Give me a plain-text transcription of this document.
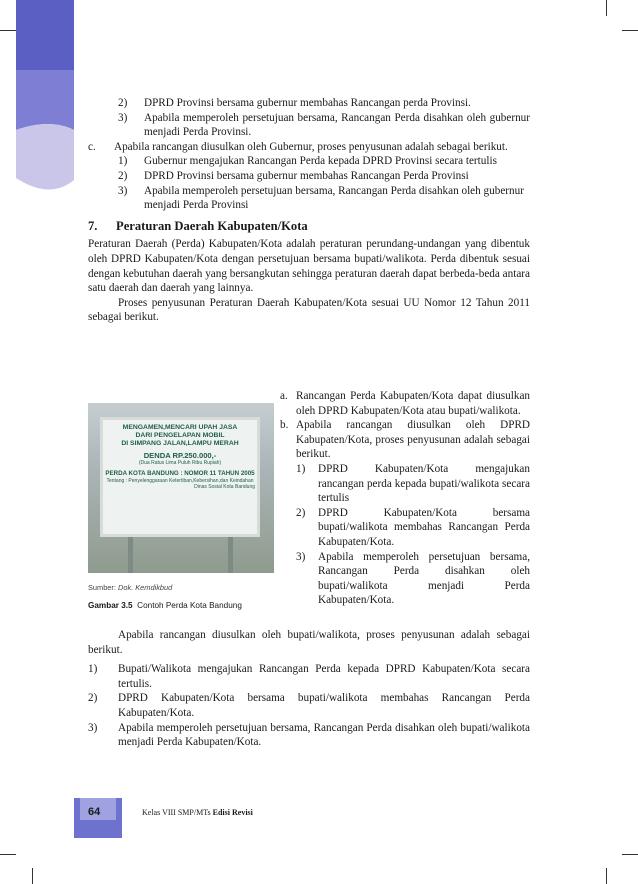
2) DPRD Provinsi bersama gubernur membahas Rancangan perda Provinsi.
3) Apabila memperoleh persetujuan bersama, Rancangan Perda disahkan oleh gubernur menjadi Perda Provinsi.
c. Apabila rancangan diusulkan oleh Gubernur, proses penyusunan adalah sebagai berikut.
1) Gubernur mengajukan Rancangan Perda kepada DPRD Provinsi secara tertulis
2) DPRD Provinsi bersama gubernur membahas Rancangan Perda Provinsi
3) Apabila memperoleh persetujuan bersama, Rancangan Perda disahkan oleh gubernur menjadi Perda Provinsi
7. Peraturan Daerah Kabupaten/Kota
Peraturan Daerah (Perda) Kabupaten/Kota adalah peraturan perundang-undangan yang dibentuk oleh DPRD Kabupaten/Kota dengan persetujuan bersama bupati/walikota. Perda dibentuk sesuai dengan kebutuhan daerah yang bersangkutan sehingga peraturan daerah dapat berbeda-beda antara satu daerah dan daerah yang lainnya.
Proses penyusunan Peraturan Daerah Kabupaten/Kota sesuai UU Nomor 12 Tahun 2011 sebagai berikut.
MENGAMEN,MENCARI UPAH JASA
DARI PENGELAPAN MOBIL
DI SIMPANG JALAN,LAMPU MERAH
DENDA RP.250.000,-
(Dua Ratus Lima Puluh Ribu Rupiah)
PERDA KOTA BANDUNG : NOMOR 11 TAHUN 2005
Tentang : Penyelenggaraan Ketertiban,Kebersihan,dan Keindahan
Dinas Sosial Kota Bandung
Sumber: Dok. Kemdikbud
Gambar 3.5 Contoh Perda Kota Bandung
a. Rancangan Perda Kabupaten/Kota dapat diusulkan oleh DPRD Kabupaten/Kota atau bupati/walikota.
b. Apabila rancangan diusulkan oleh DPRD Kabupaten/Kota, proses penyusunan adalah sebagai berikut.
1) DPRD Kabupaten/Kota mengajukan rancangan perda kepada bupati/walikota secara tertulis
2) DPRD Kabupaten/Kota bersama bupati/walikota membahas Rancangan Perda Kabupaten/Kota.
3) Apabila memperoleh persetujuan bersama, Rancangan Perda disahkan oleh bupati/walikota menjadi Perda Kabupaten/Kota.
Apabila rancangan diusulkan oleh bupati/walikota, proses penyusunan adalah sebagai berikut.
1) Bupati/Walikota mengajukan Rancangan Perda kepada DPRD Kabupaten/Kota secara tertulis.
2) DPRD Kabupaten/Kota bersama bupati/walikota membahas Rancangan Perda Kabupaten/Kota.
3) Apabila memperoleh persetujuan bersama, Rancangan Perda disahkan oleh bupati/walikota menjadi Perda Kabupaten/Kota.
64	Kelas VIII SMP/MTs Edisi Revisi
